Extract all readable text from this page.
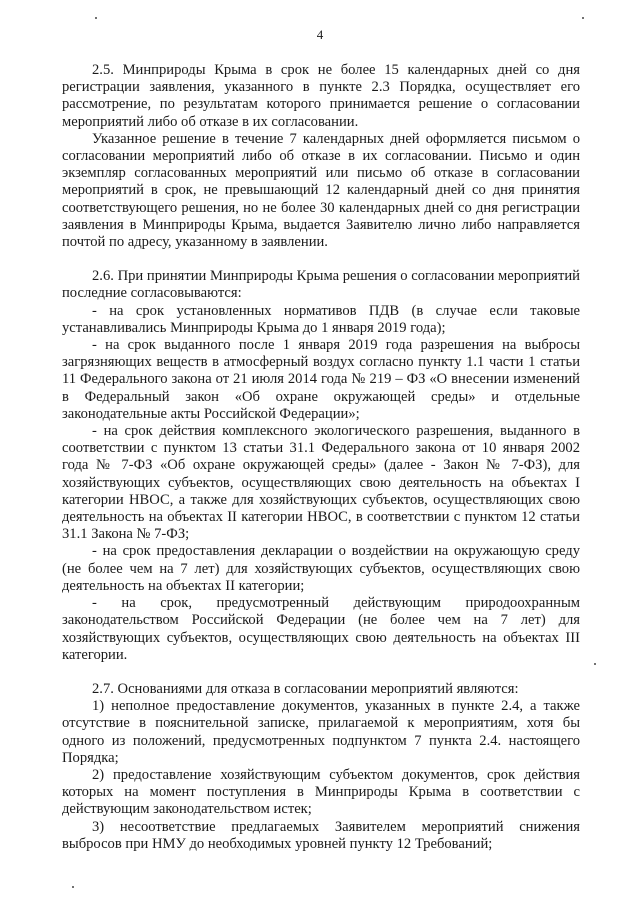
4

2.5. Минприроды Крыма в срок не более 15 календарных дней со дня регистрации заявления, указанного в пункте 2.3 Порядка, осуществляет его рассмотрение, по результатам которого принимается решение о согласовании мероприятий либо об отказе в их согласовании.

Указанное решение в течение 7 календарных дней оформляется письмом о согласовании мероприятий либо об отказе в их согласовании. Письмо и один экземпляр согласованных мероприятий или письмо об отказе в согласовании мероприятий в срок, не превышающий 12 календарный дней со дня принятия соответствующего решения, но не более 30 календарных дней со дня регистрации заявления в Минприроды Крыма, выдается Заявителю лично либо направляется почтой по адресу, указанному в заявлении.

2.6. При принятии Минприроды Крыма решения о согласовании мероприятий последние согласовываются:

- на срок установленных нормативов ПДВ (в случае если таковые устанавливались Минприроды Крыма до 1 января 2019 года);

- на срок выданного после 1 января 2019 года разрешения на выбросы загрязняющих веществ в атмосферный воздух согласно пункту 1.1 части 1 статьи 11 Федерального закона от 21 июля 2014 года № 219 – ФЗ «О внесении изменений в Федеральный закон «Об охране окружающей среды» и отдельные законодательные акты Российской Федерации»;

- на срок действия комплексного экологического разрешения, выданного в соответствии с пунктом 13 статьи 31.1 Федерального закона от 10 января 2002 года № 7-ФЗ «Об охране окружающей среды» (далее - Закон № 7-ФЗ), для хозяйствующих субъектов, осуществляющих свою деятельность на объектах I категории НВОС, а также для хозяйствующих субъектов, осуществляющих свою деятельность на объектах II категории НВОС, в соответствии с пунктом 12 статьи 31.1 Закона № 7-ФЗ;

- на срок предоставления декларации о воздействии на окружающую среду (не более чем на 7 лет) для хозяйствующих субъектов, осуществляющих свою деятельность на объектах II категории;

- на срок, предусмотренный действующим природоохранным законодательством Российской Федерации (не более чем на 7 лет) для хозяйствующих субъектов, осуществляющих свою деятельность на объектах III категории.

2.7. Основаниями для отказа в согласовании мероприятий являются:

1) неполное предоставление документов, указанных в пункте 2.4, а также отсутствие в пояснительной записке, прилагаемой к мероприятиям, хотя бы одного из положений, предусмотренных подпунктом 7 пункта 2.4. настоящего Порядка;

2) предоставление хозяйствующим субъектом документов, срок действия которых на момент поступления в Минприроды Крыма в соответствии с действующим законодательством истек;

3) несоответствие предлагаемых Заявителем мероприятий снижения выбросов при НМУ до необходимых уровней пункту 12 Требований;
